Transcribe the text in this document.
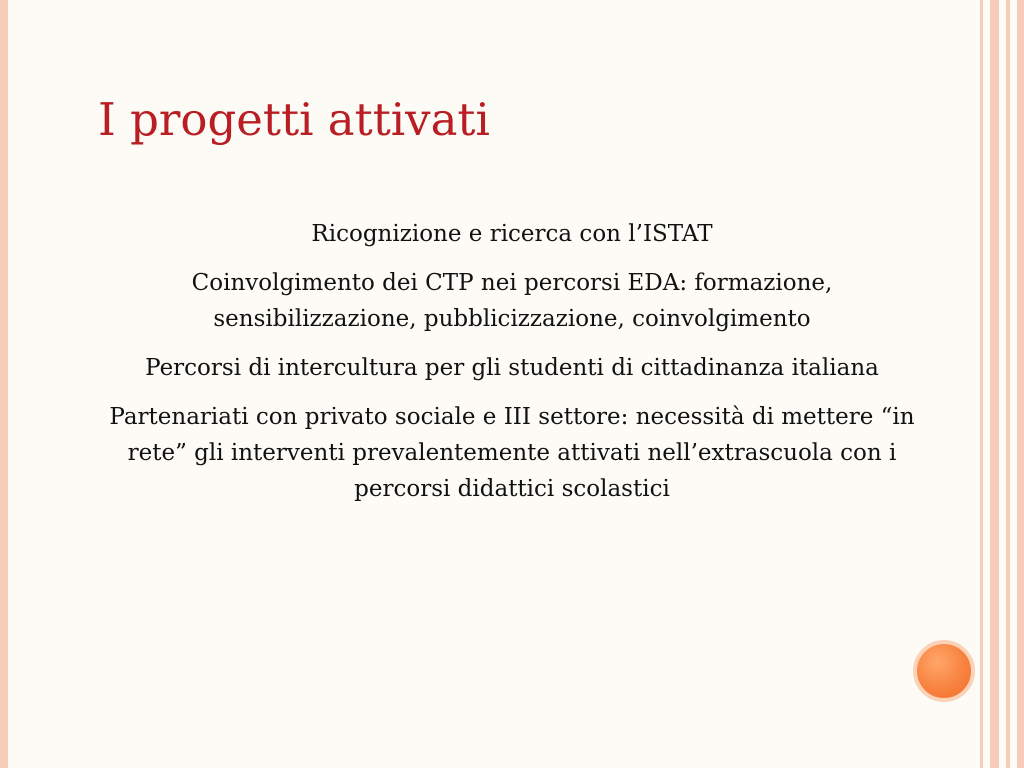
I progetti attivati

Ricognizione e ricerca con l’ISTAT

Coinvolgimento dei CTP nei percorsi EDA: formazione, sensibilizzazione, pubblicizzazione, coinvolgimento

Percorsi di intercultura per gli studenti di cittadinanza italiana

Partenariati con privato sociale e III settore: necessità di mettere “in rete” gli interventi prevalentemente attivati nell’extrascuola con i percorsi didattici scolastici
